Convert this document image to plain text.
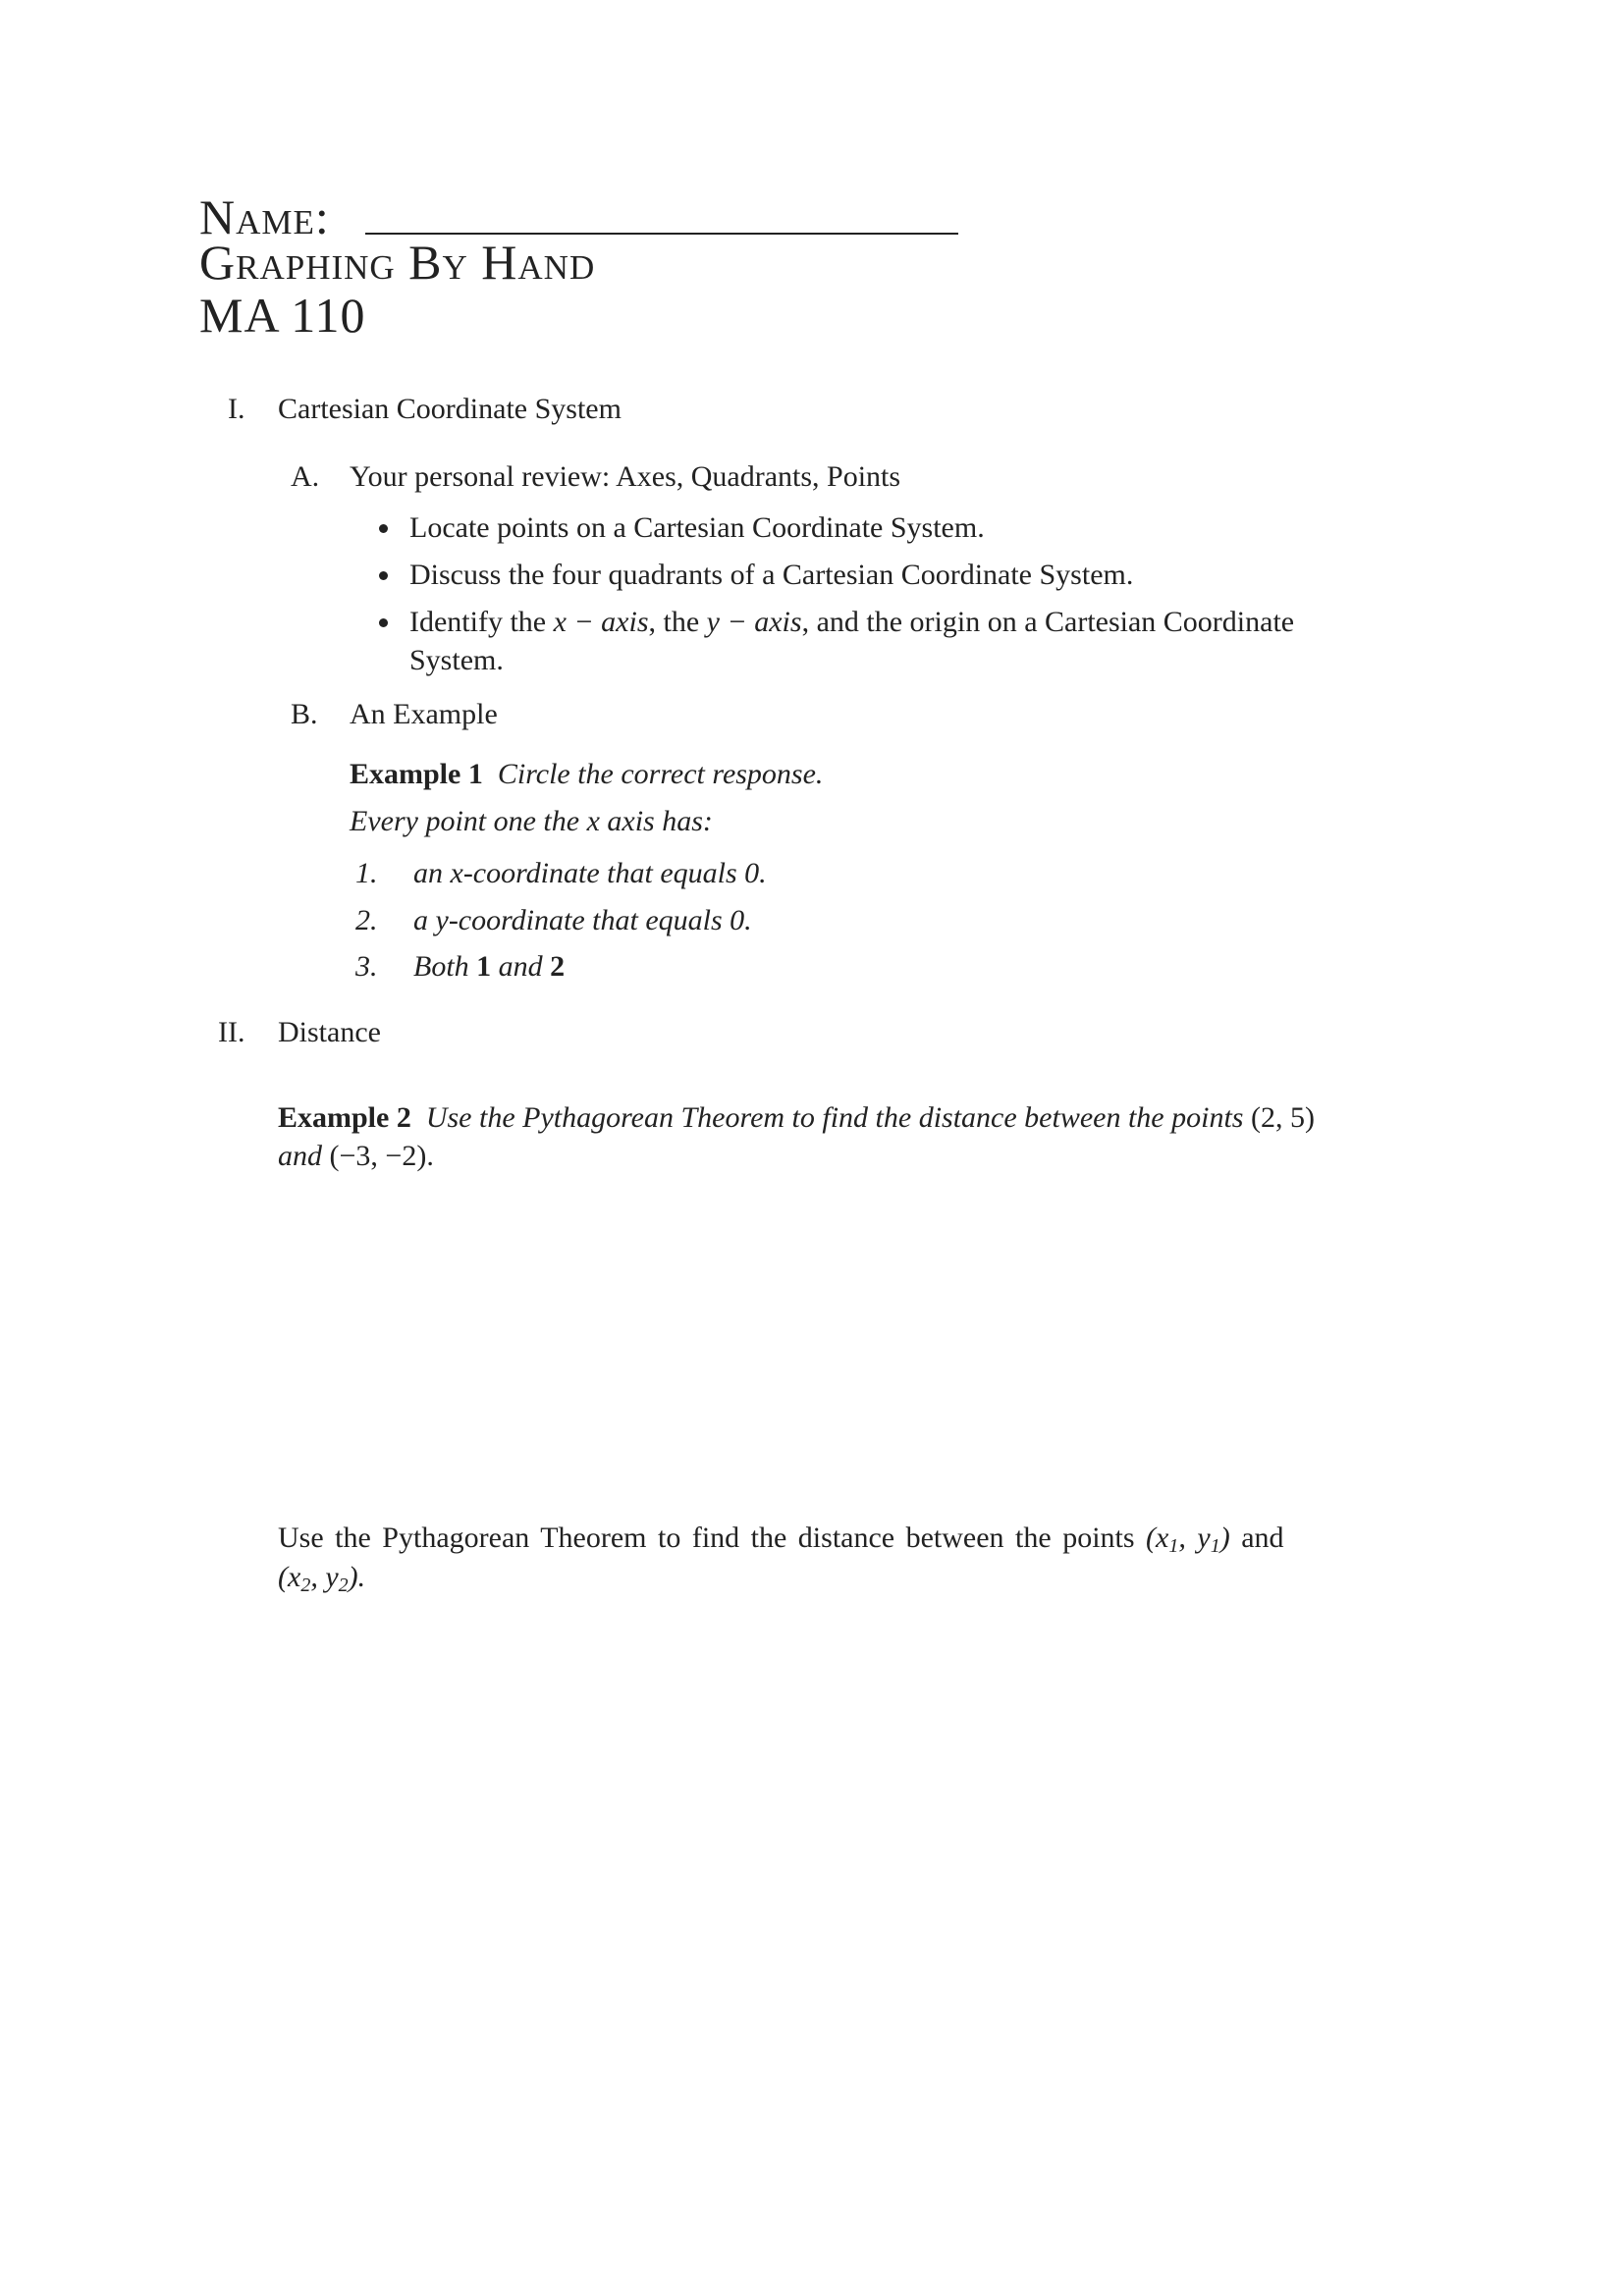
Name:
Graphing By Hand
MA 110
I. Cartesian Coordinate System
A. Your personal review: Axes, Quadrants, Points
Locate points on a Cartesian Coordinate System.
Discuss the four quadrants of a Cartesian Coordinate System.
Identify the x − axis, the y − axis, and the origin on a Cartesian Coordinate
System.
B. An Example
Example 1 Circle the correct response.
Every point one the x axis has:
1. an x-coordinate that equals 0.
2. a y-coordinate that equals 0.
3. Both 1 and 2
II. Distance
Example 2 Use the Pythagorean Theorem to find the distance between the points (2, 5)
and (−3, −2).
Use the Pythagorean Theorem to find the distance between the points ($x_1$, $y_1$) and
($x_2$, $y_2$).
